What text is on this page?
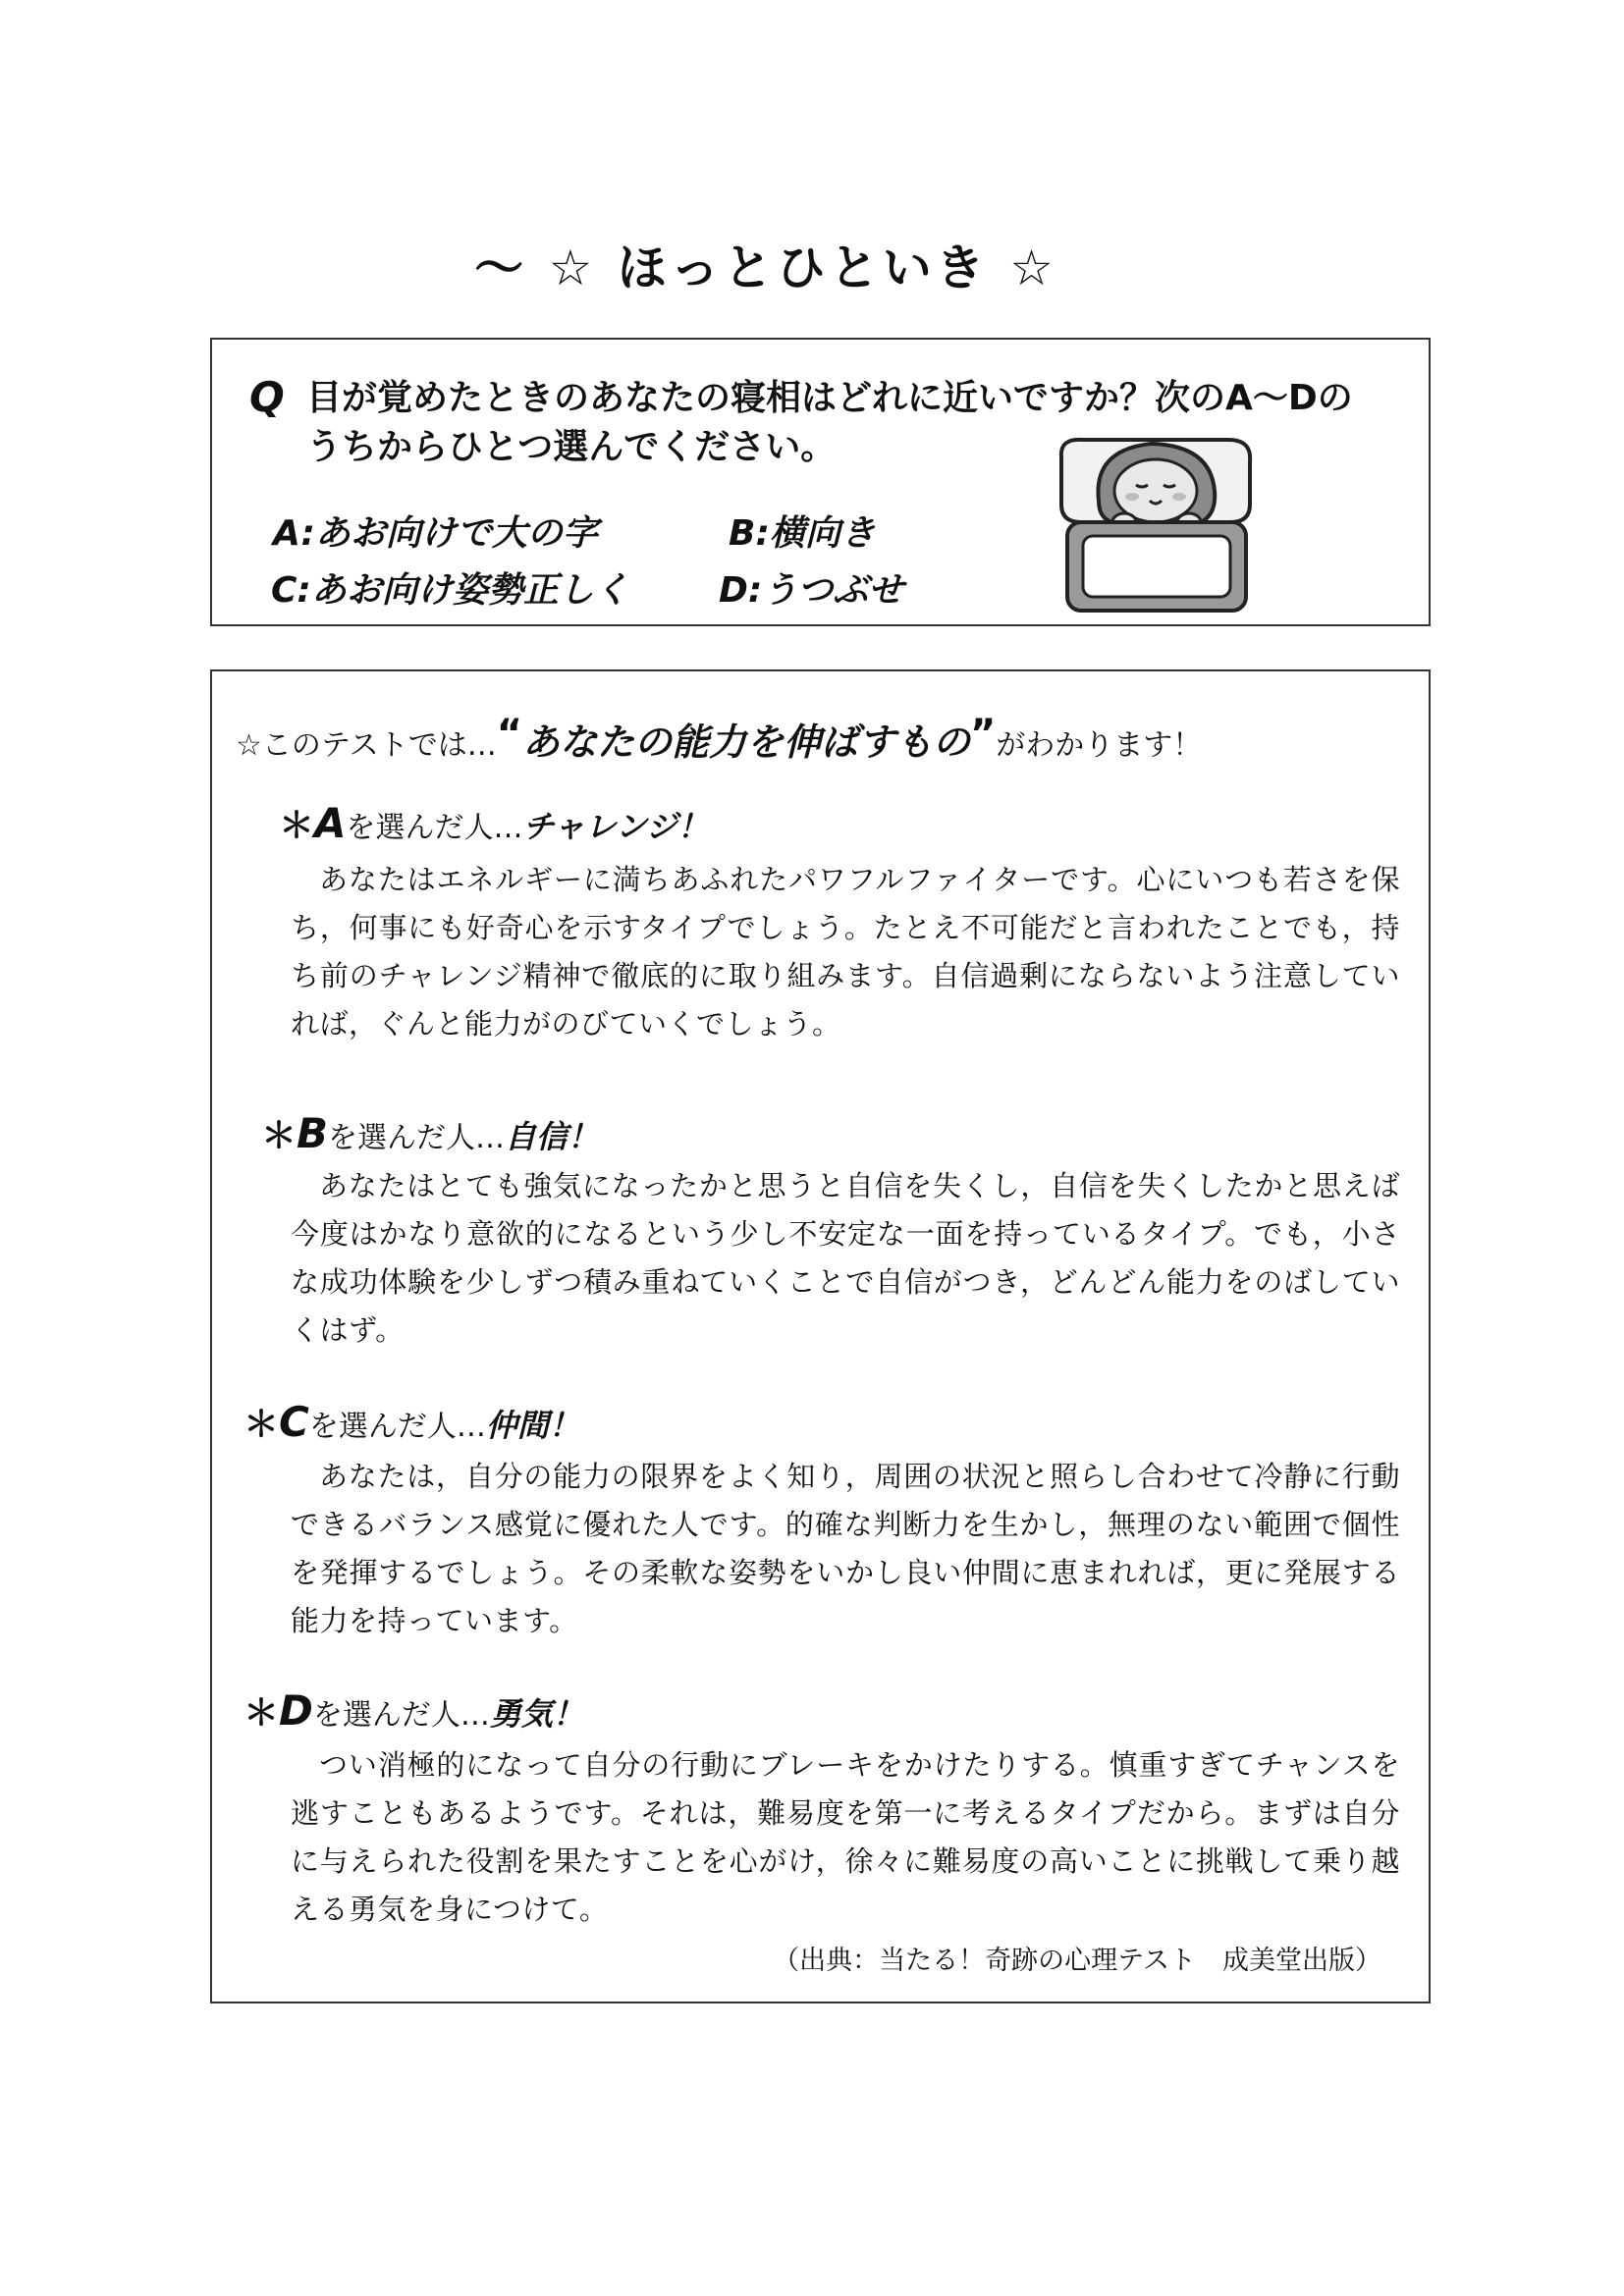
～ ☆ ほっとひといき ☆
Q 目が覚めたときのあなたの寝相はどれに近いですか？次のA～Dの
うちからひとつ選んでください。
A:あお向けで大の字	B:横向き
C:あお向け姿勢正しく	D:うつぶせ
☆このテストでは…“あなたの能力を伸ばすもの”がわかります！
＊Aを選んだ人…チャレンジ！

あなたはエネルギーに満ちあふれたパワフルファイターです。心にいつも若さを保ち，何事にも好奇心を示すタイプでしょう。たとえ不可能だと言われたことでも，持ち前のチャレンジ精神で徹底的に取り組みます。自信過剰にならないよう注意していれば，ぐんと能力がのびていくでしょう。

＊Bを選んだ人…自信！

あなたはとても強気になったかと思うと自信を失くし，自信を失くしたかと思えば今度はかなり意欲的になるという少し不安定な一面を持っているタイプ。でも，小さな成功体験を少しずつ積み重ねていくことで自信がつき，どんどん能力をのばしていくはず。

＊Cを選んだ人…仲間！

あなたは，自分の能力の限界をよく知り，周囲の状況と照らし合わせて冷静に行動できるバランス感覚に優れた人です。的確な判断力を生かし，無理のない範囲で個性を発揮するでしょう。その柔軟な姿勢をいかし良い仲間に恵まれれば，更に発展する能力を持っています。

＊Dを選んだ人…勇気！

つい消極的になって自分の行動にブレーキをかけたりする。慎重すぎてチャンスを逃すこともあるようです。それは，難易度を第一に考えるタイプだから。まずは自分に与えられた役割を果たすことを心がけ，徐々に難易度の高いことに挑戦して乗り越える勇気を身につけて。

（出典：当たる！奇跡の心理テスト　成美堂出版）
